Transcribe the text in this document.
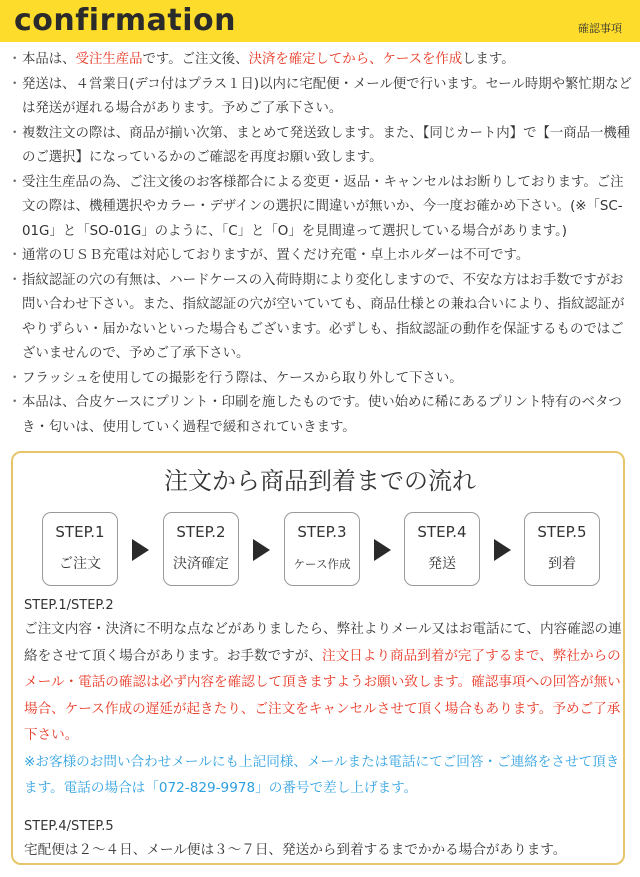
confirmation	確認事項
・ 本品は、受注生産品です。ご注文後、決済を確定してから、ケースを作成します。
・ 発送は、４営業日(デコ付はプラス１日)以内に宅配便・メール便で行います。セール時期や繁忙期などは発送が遅れる場合があります。予めご了承下さい。
・ 複数注文の際は、商品が揃い次第、まとめて発送致します。また、【同じカート内】で【一商品一機種のご選択】になっているかのご確認を再度お願い致します。
・ 受注生産品の為、ご注文後のお客様都合による変更・返品・キャンセルはお断りしております。ご注文の際は、機種選択やカラー・デザインの選択に間違いが無いか、今一度お確かめ下さい。(※「SC-01G」と「SO-01G」のように、「C」と「O」を見間違って選択している場合があります。)
・ 通常のＵＳＢ充電は対応しておりますが、置くだけ充電・卓上ホルダーは不可です。
・ 指紋認証の穴の有無は、ハードケースの入荷時期により変化しますので、不安な方はお手数ですがお問い合わせ下さい。また、指紋認証の穴が空いていても、商品仕様との兼ね合いにより、指紋認証がやりずらい・届かないといった場合もございます。必ずしも、指紋認証の動作を保証するものではございませんので、予めご了承下さい。
・ フラッシュを使用しての撮影を行う際は、ケースから取り外して下さい。
・ 本品は、合皮ケースにプリント・印刷を施したものです。使い始めに稀にあるプリント特有のベタつき・匂いは、使用していく過程で緩和されていきます。
注文から商品到着までの流れ
STEP.1
ご注文
STEP.2
決済確定
STEP.3
ケース作成
STEP.4
発送
STEP.5
到着
STEP.1/STEP.2

ご注文内容・決済に不明な点などがありましたら、弊社よりメール又はお電話にて、内容確認の連絡をさせて頂く場合があります。お手数ですが、注文日より商品到着が完了するまで、弊社からのメール・電話の確認は必ず内容を確認して頂きますようお願い致します。確認事項への回答が無い場合、ケース作成の遅延が起きたり、ご注文をキャンセルさせて頂く場合もあります。予めご了承下さい。

※お客様のお問い合わせメールにも上記同様、メールまたは電話にてご回答・ご連絡をさせて頂きます。電話の場合は「072-829-9978」の番号で差し上げます。

STEP.4/STEP.5

宅配便は２～４日、メール便は３～７日、発送から到着するまでかかる場合があります。
